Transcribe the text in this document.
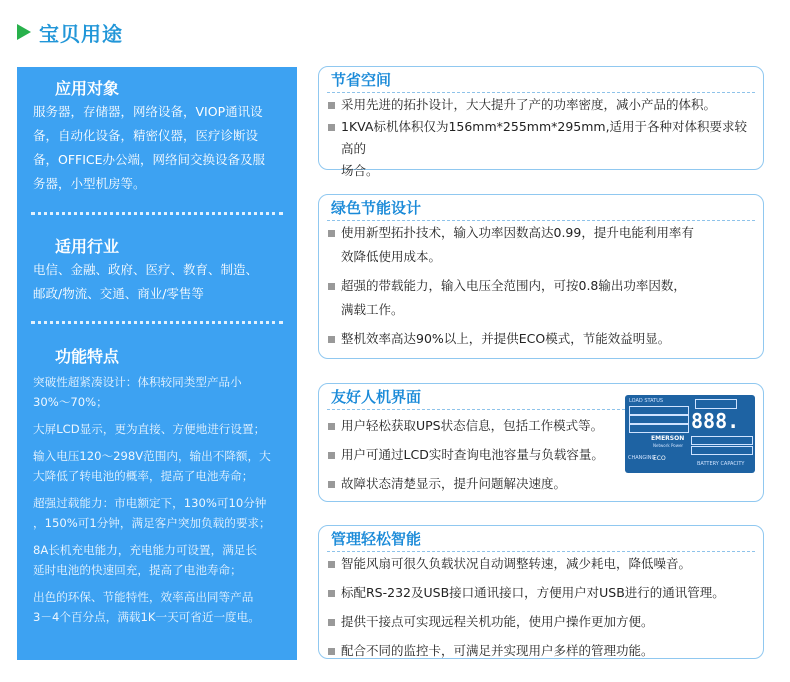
宝贝用途
应用对象

服务器，存储器，网络设备，VIOP通讯设

备，自动化设备，精密仪器，医疗诊断设

备，OFFICE办公端，网络间交换设备及服

务器，小型机房等。

适用行业

电信、金融、政府、医疗、教育、制造、

邮政/物流、交通、商业/零售等

功能特点
突破性超紧凑设计：体积较同类型产品小
30%～70%；
大屏LCD显示，更为直接、方便地进行设置；
输入电压120～298V范围内，输出不降额，大
大降低了转电池的概率，提高了电池寿命；
超强过载能力：市电额定下，130%可10分钟
，150%可1分钟，满足客户突加负载的要求；
8A长机充电能力，充电能力可设置，满足长
延时电池的快速回充，提高了电池寿命；
出色的环保、节能特性，效率高出同等产品
3－4个百分点，满载1K一天可省近一度电。
节省空间
采用先进的拓扑设计，大大提升了产的功率密度，减小产品的体积。
1KVA标机体积仅为156mm*255mm*295mm,适用于各种对体积要求较高的
场合。
绿色节能设计
使用新型拓扑技术，输入功率因数高达0.99，提升电能利用率有
效降低使用成本。
超强的带载能力，输入电压全范围内，可按0.8输出功率因数，
满载工作。
整机效率高达90%以上，并提供ECO模式，节能效益明显。
友好人机界面
用户轻松获取UPS状态信息，包括工作模式等。
用户可通过LCD实时查询电池容量与负载容量。
故障状态清楚显示，提升问题解决速度。
LOAD STATUS
EMERSON
Network Power
CHANGING
ECO
888.
BATTERY CAPACITY
管理轻松智能
智能风扇可很久负载状况自动调整转速，减少耗电，降低噪音。
标配RS-232及USB接口通讯接口，方便用户对USB进行的通讯管理。
提供干接点可实现远程关机功能，使用户操作更加方便。
配合不同的监控卡，可满足并实现用户多样的管理功能。
